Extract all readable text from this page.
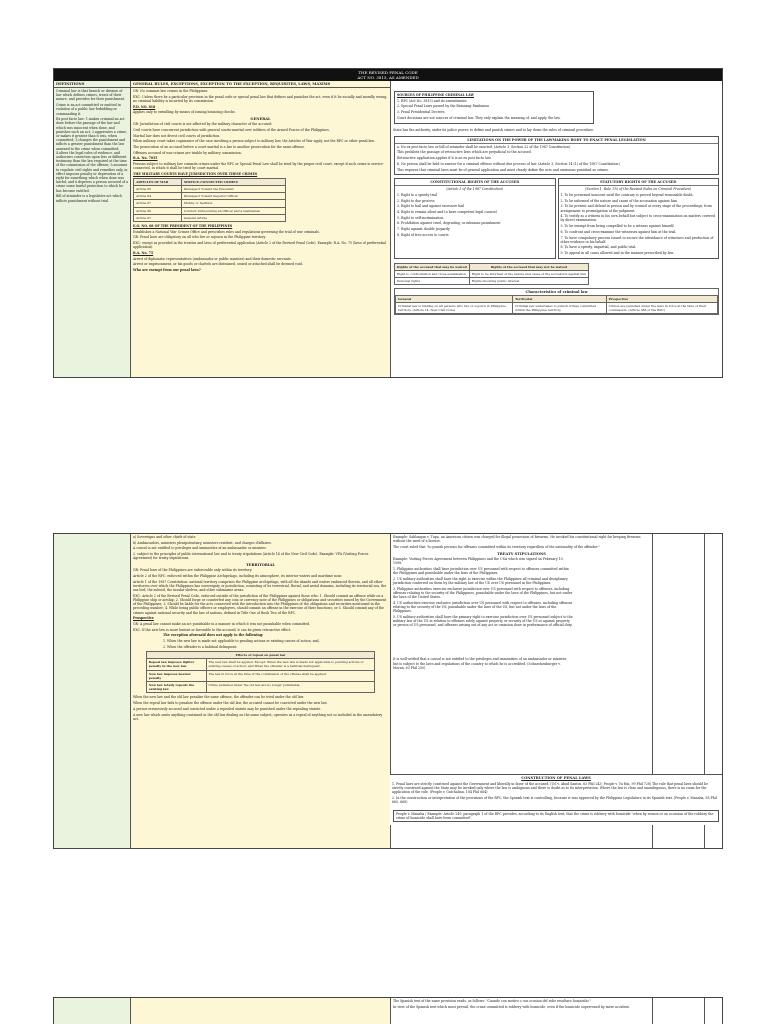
THE REVISED PENAL CODE
ACT NO. 3815, AS AMENDED
DEFINITIONS

Criminal law is that branch or division of law which defines crimes, treats of their nature, and provides for their punishment.

Crime is an act committed or omitted in violation of a public law forbidding or commanding it.

Ex post facto law: 1.makes criminal an act done before the passage of the law and which was innocent when done, and punishes such an act; 2.aggravates a crime, or makes it greater than it was, when committed; 3.changes the punishment and inflicts a greater punishment than the law annexed to the crime when committed; 4.alters the legal rules of evidence, and authorizes conviction upon less or different testimony than the law required at the time of the commission of the offense; 5.assumes to regulate civil rights and remedies only, in effect imposes penalty or deprivation of a right for something which when done was lawful; and 6.deprives a person accused of a crime some lawful protection to which he has become entitled.

Bill of attainder is a legislative act which inflicts punishment without trial.

GENERAL RULES, EXCEPTIONS, EXCEPTION TO THE EXCEPTION, REQUISITES, LAWS, MAXIMS

GR: No common law crimes in the Philippines.

EXC: Unless there be a particular provision in the penal code or special penal law that defines and punishes the act, even if it be socially and morally wrong, no criminal liability is incurred by its commission.

P.D. NO. 818

Applies only to swindling by means of issuing bouncing checks.

GENERAL

GR: Jurisdiction of civil courts is not affected by the military character of the accused.

Civil courts have concurrent jurisdiction with general courts-martial over soldiers of the Armed Forces of the Philippines.

Martial law does not divest civil courts of jurisdiction.

When military court takes cognizance of the case involving a person subject to military law, the Articles of War apply, not the RPC or other penal law.

The prosecution of an accused before a court martial is a bar to another prosecution for the same offense.

Offenses accused of war crimes are triable by military commission.

R.A. No. 7055

Persons subject to military law commits crimes under the RPC or Special Penal Law shall be tried by the proper civil court, except if such crime is service-connected, in which it shall be tried by court martial.

THE MILITARY COURTS HAVE JURISDICTION OVER THESE CRIMES

ARTICLES OF WAR	SERVICE-CONNECTED CRIMES
Article 63	Disrespect Toward the President
Article 64	Disrespect Toward Superior Officer
Article 67	Mutiny or Sedition
Article 96	Conduct Unbecoming an Officer and a Gentleman
Article 97	General Article

E.O. NO. 68 OF THE PRESIDENT OF THE PHILIPPINES

Establishes a National War Crimes Office and prescribes rules and regulations governing the trial of war criminals.

GR: Penal laws are obligatory on all who live or sojourn in the Philippine territory.

EXC: except as provided in the treaties and laws of preferential application (Article 2 of the Revised Penal Code). Example: R.A. No. 75 (laws of preferential application).

R.A. No. 75

Arrest of diplomatic representatives (ambassador or public minister) and their domestic servants.

Arrest or imprisonment, or his goods or chattels are distrained, seized or attached shall be deemed void.

Who are exempt from our penal laws?

SOURCES OF PHILIPPINE CRIMINAL LAW

1. RPC (Act No. 3815) and its amendments

2. Special Penal Laws passed by the Batasang Pambansa

3. Penal Presidential Decrees

Court decisions are not sources of criminal law. They only explain the meaning of, and apply, the law.

State has the authority, under its police power, to define and punish crimes and to lay down the rules of criminal procedure.
LIMITATIONS ON THE POWER OF THE LAWMAKING BODY TO ENACT PENAL LEGISLATION

a. No ex post facto law or bill of attainder shall be enacted. (Article 3, Section 22 of the 1987 Constitution)

This prohibits the passage of retroactive laws which are prejudicial to the accused.

Retroactive application applies if it is an ex post facto law.

b. No person shall be held to answer for a criminal offense without due process of law. (Article 3, Section 14 (1) of the 1987 Constitution)

This requires that criminal laws must be of general application and must clearly define the acts and omissions punished as crimes.

CONSTITUTIONAL RIGHTS OF THE ACCUSED

(Article 3 of the 1987 Constitution)

1. Right to a speedy trial

2. Right to due process

3. Right to bail and against excessive bail

4. Right to remain silent and to have competent legal counsel

5. Right to self-incrimination

6. Prohibition against cruel, degrading, or inhuman punishment

7. Right against double jeopardy

8. Right of free access to courts

STATUTORY RIGHTS OF THE ACCUSED

(Section 1, Rule 115 of the Revised Rules on Criminal Procedure)

1. To be presumed innocent until the contrary is proved beyond reasonable doubt.

2. To be informed of the nature and cause of the accusation against him.

3. To be present and defend in person and by counsel at every stage of the proceedings, from arraignment to promulgation of the judgment.

4. To testify as a witness in his own behalf but subject to cross-examination on matters covered by direct examination.

5. To be exempt from being compelled to be a witness against himself.

6. To confront and cross-examine the witnesses against him at the trial.

7. To have compulsory process issued to secure the attendance of witnesses and production of other evidence in his behalf.

8. To have a speedy, impartial, and public trial.

9. To appeal in all cases allowed and in the manner prescribed by law.

Rights of the accused that may be waived	Rights of the accused that may not be waived
Right to confrontation and cross-examination	Right to be informed of the nature and cause of the accusation against him
Personal rights	Rights involving public interest
Characteristics of criminal law
General	Territorial	Prospective
Criminal law is binding on all persons who live or sojourn in Philippine territory. (Article 14, New Civil Code)	Criminal law undertakes to punish crimes committed within the Philippine territory.	Crimes are punished under the laws in force at the time of their commission. (Article 366 of the RPC)

a) Sovereigns and other chiefs of state

b) Ambassadors, ministers plenipotentiary, ministers resident, and charges d'affaires.

A consul is not entitled to privileges and immunities of an ambassador or minister.

2. subject to the principles of public international law and to treaty stipulations (Article 14 of the New Civil Code). Example: VFA (Visiting Forces Agreement) for treaty stipulations.

TERRITORIAL

GR: Penal laws of the Philippines are enforceable only within its territory.

Article 2 of the RPC: enforced within the Philippine Archipelago, including its atmosphere, its interior waters and maritime zone.

Article 1 of the 1987 Constitution: national territory comprises the Philippine archipelago, with all the islands and waters embraced therein, and all other territories over which the Philippines has sovereignty or jurisdiction, consisting of its terrestrial, fluvial, and aerial domains, including its territorial sea, the sea bed, the subsoil, the insular shelves, and other submarine areas.

EXC: Article 2 of the Revised Penal Code, enforced outside of the jurisdiction of the Philippines against those who: 1. Should commit an offense while on a Philippine ship or airship; 2. Should forge or counterfeit any coin or currency note of the Philippines or obligations and securities issued by the Government of the Philippines; 3. Should be liable for the acts connected with the introduction into the Philippines of the obligations and securities mentioned in the preceding number; 4. While being public officers or employees, should commit an offense in the exercise of their functions; or 5. Should commit any of the crimes against national security and the law of nations, defined in Title One of Book Two of the RPC.

Prospective

GR: A penal law cannot make an act punishable in a manner in which it was not punishable when committed.

EXC: If the new law is more lenient or favorable to the accused, it can be given retroactive effect.

The exception aforesaid does not apply to the following:

1. When the new law is made not applicable to pending actions or existing causes of action; and,

2. When the offender is a habitual delinquent.

Effects of repeal on penal law	
Repeal law imposes lighter penalty in the new law	The new law shall be applied. Except: When the new law is made not applicable to pending actions or existing causes of action; and When the offender is a habitual delinquent.
New law imposes heavier penalty	The law in force at the time of the commission of the offense shall be applied.
New law totally repeals the existing law	Crime punished under the old law are no longer punishable.

When the new law and the old law penalize the same offense, the offender can be tried under the old law.

When the repeal law fails to penalize the offense under the old law, the accused cannot be convicted under the new law.

A person erroneously accused and convicted under a repealed statute may be punished under the repealing statute.

A new law which omits anything contained in the old law dealing on the same subject, operates as a repeal of anything not so included in the amendatory act.

Example: Sablangan v. Tupa, an American citizen was charged for illegal possession of firearms. He invoked his constitutional right for keeping firearms without the need of a license.

The court ruled that "to punish persons for offenses committed within its territory regardless of the nationality of the offender."

TREATY STIPULATIONS

Example: Visiting Forces Agreement between Philippines and the USA which was signed on February 10, 1998.

1. Philippine authorities shall have jurisdiction over US personnel with respect to offenses committed within the Philippines and punishable under the laws of the Philippines.

2. US military authorities shall have the right to exercise within the Philippines all criminal and disciplinary jurisdiction conferred on them by the military law of the US over US personnel in the Philippines.

3. Philippine authorities exercise exclusive jurisdiction over US personnel with respect to offenses, including offenses relating to the security of the Philippines, punishable under the laws of the Philippines, but not under the laws of the United States.

4. US authorities exercise exclusive jurisdiction over US personnel with respect to offenses, including offenses relating to the security of the US, punishable under the laws of the US, but not under the laws of the Philippines.

5. US military authorities shall have the primary right to exercise jurisdiction over US personnel subject to the military law of the US in relation to offenses solely against property or security of the US or against property or person of US personnel, and offenses arising out of any act or omission done in performance of official duty.

It is well-settled that a consul is not entitled to the privileges and immunities of an ambassador or minister, but is subject to the laws and regulations of the country to which he is accredited. (Schneckenburger v. Moran, 63 Phil 250)

CONSTRUCTION OF PENAL LAWS

1. Penal laws are strictly construed against the Government and liberally in favor of the accused. (US v. Abad Santos, 63 Phil 243; People v. Yu Hai, 99 Phil 728) The rule that penal laws should be strictly construed against the State may be invoked only where the law is ambiguous and there is doubt as to its interpretation. Where the law is clear and unambiguous, there is no room for the application of the rule. (People v. Gatchalian, 104 Phil 664)

2. In the construction or interpretation of the provisions of the RPC, the Spanish text is controlling, because it was approved by the Philippine Legislature in its Spanish text. (People v. Manaba, 58 Phil 665, 668)

People v. Manaba / Example: Article 249, paragraph 1 of the RPC provides, according to its English text, that the crime is robbery with homicide "when by reason or on occasion of the robbery the crime of homicide shall have been committed".

The Spanish text of the same provision reads, as follows: "Cuando con motivo o con ocasion del robo resultare homicidio."

In view of the Spanish text which must prevail, the crime committed is robbery with homicide, even if the homicide supervened by mere accident.
